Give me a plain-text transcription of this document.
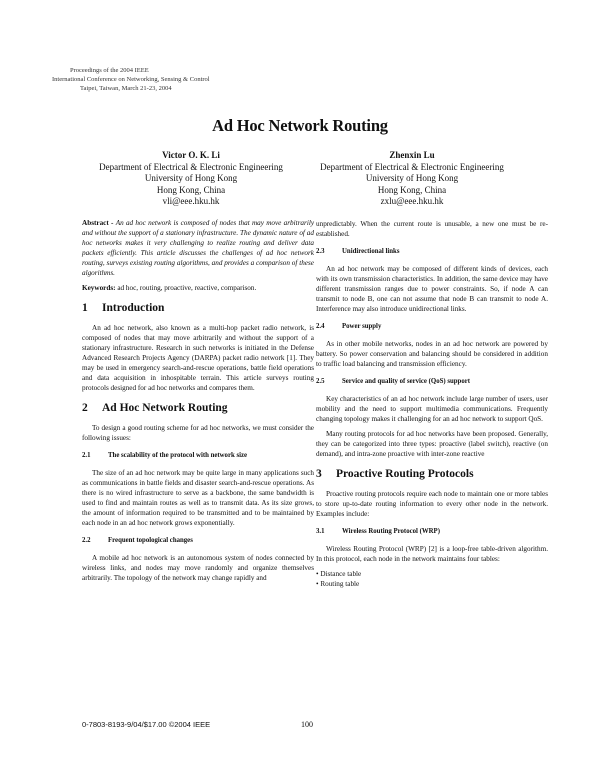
Proceedings of the 2004 IEEE
International Conference on Networking, Sensing & Control
Taipei, Taiwan, March 21-23, 2004
Ad Hoc Network Routing
Victor O. K. Li
Department of Electrical & Electronic Engineering
University of Hong Kong
Hong Kong, China
vli@eee.hku.hk
Zhenxin Lu
Department of Electrical & Electronic Engineering
University of Hong Kong
Hong Kong, China
zxlu@eee.hku.hk

Abstract - An ad hoc network is composed of nodes that may move arbitrarily and without the support of a stationary infrastructure. The dynamic nature of ad hoc networks makes it very challenging to realize routing and deliver data packets efficiently. This article discusses the challenges of ad hoc network routing, surveys existing routing algorithms, and provides a comparison of these algorithms.

Keywords: ad hoc, routing, proactive, reactive, comparison.

1 Introduction

An ad hoc network, also known as a multi-hop packet radio network, is composed of nodes that may move arbitrarily and without the support of a stationary infrastructure. Research in such networks is initiated in the Defense Advanced Research Projects Agency (DARPA) packet radio network [1]. They may be used in emergency search-and-rescue operations, battle field operations and data acquisition in inhospitable terrain. This article surveys routing protocols designed for ad hoc networks and compares them.

2 Ad Hoc Network Routing

To design a good routing scheme for ad hoc networks, we must consider the following issues:

2.1	The scalability of the protocol with network size

The size of an ad hoc network may be quite large in many applications such as communications in battle fields and disaster search-and-rescue operations. As there is no wired infrastructure to serve as a backbone, the same bandwidth is used to find and maintain routes as well as to transmit data. As its size grows, the amount of information required to be transmitted and to be maintained by each node in an ad hoc network grows exponentially.

2.2	Frequent topological changes

A mobile ad hoc network is an autonomous system of nodes connected by wireless links, and nodes may move randomly and organize themselves arbitrarily. The topology of the network may change rapidly and

unpredictably. When the current route is unusable, a new one must be re-established.

2.3	Unidirectional links

An ad hoc network may be composed of different kinds of devices, each with its own transmission characteristics. In addition, the same device may have different transmission ranges due to power constraints. So, if node A can transmit to node B, one can not assume that node B can transmit to node A. Interference may also introduce unidirectional links.

2.4	Power supply

As in other mobile networks, nodes in an ad hoc network are powered by battery. So power conservation and balancing should be considered in addition to traffic load balancing and transmission efficiency.

2.5	Service and quality of service (QoS) support

Key characteristics of an ad hoc network include large number of users, user mobility and the need to support multimedia communications. Frequently changing topology makes it challenging for an ad hoc network to support QoS.

Many routing protocols for ad hoc networks have been proposed. Generally, they can be categorized into three types: proactive (label switch), reactive (on demand), and intra-zone proactive with inter-zone reactive

3 Proactive Routing Protocols

Proactive routing protocols require each node to maintain one or more tables to store up-to-date routing information to every other node in the network. Examples include:

3.1	Wireless Routing Protocol (WRP)

Wireless Routing Protocol (WRP) [2] is a loop-free table-driven algorithm. In this protocol, each node in the network maintains four tables:

• Distance table
• Routing table
0-7803-8193-9/04/$17.00 ©2004 IEEE	100
